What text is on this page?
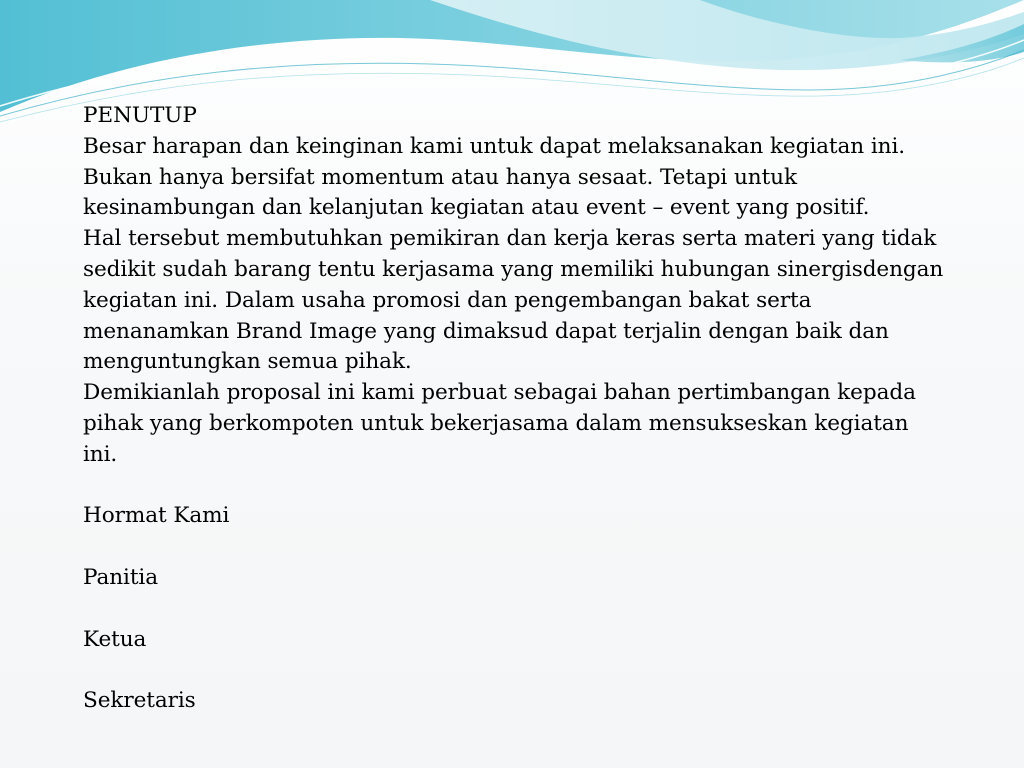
PENUTUP
Besar harapan dan keinginan kami untuk dapat melaksanakan kegiatan ini.
Bukan hanya bersifat momentum atau hanya sesaat. Tetapi untuk
kesinambungan dan kelanjutan kegiatan atau event – event yang positif.
Hal tersebut membutuhkan pemikiran dan kerja keras serta materi yang tidak
sedikit sudah barang tentu kerjasama yang memiliki hubungan sinergisdengan
kegiatan ini. Dalam usaha promosi dan pengembangan bakat serta
menanamkan Brand Image yang dimaksud dapat terjalin dengan baik dan
menguntungkan semua pihak.
Demikianlah proposal ini kami perbuat sebagai bahan pertimbangan kepada
pihak yang berkompoten untuk bekerjasama dalam mensukseskan kegiatan
ini.
Hormat Kami
Panitia
Ketua
Sekretaris
